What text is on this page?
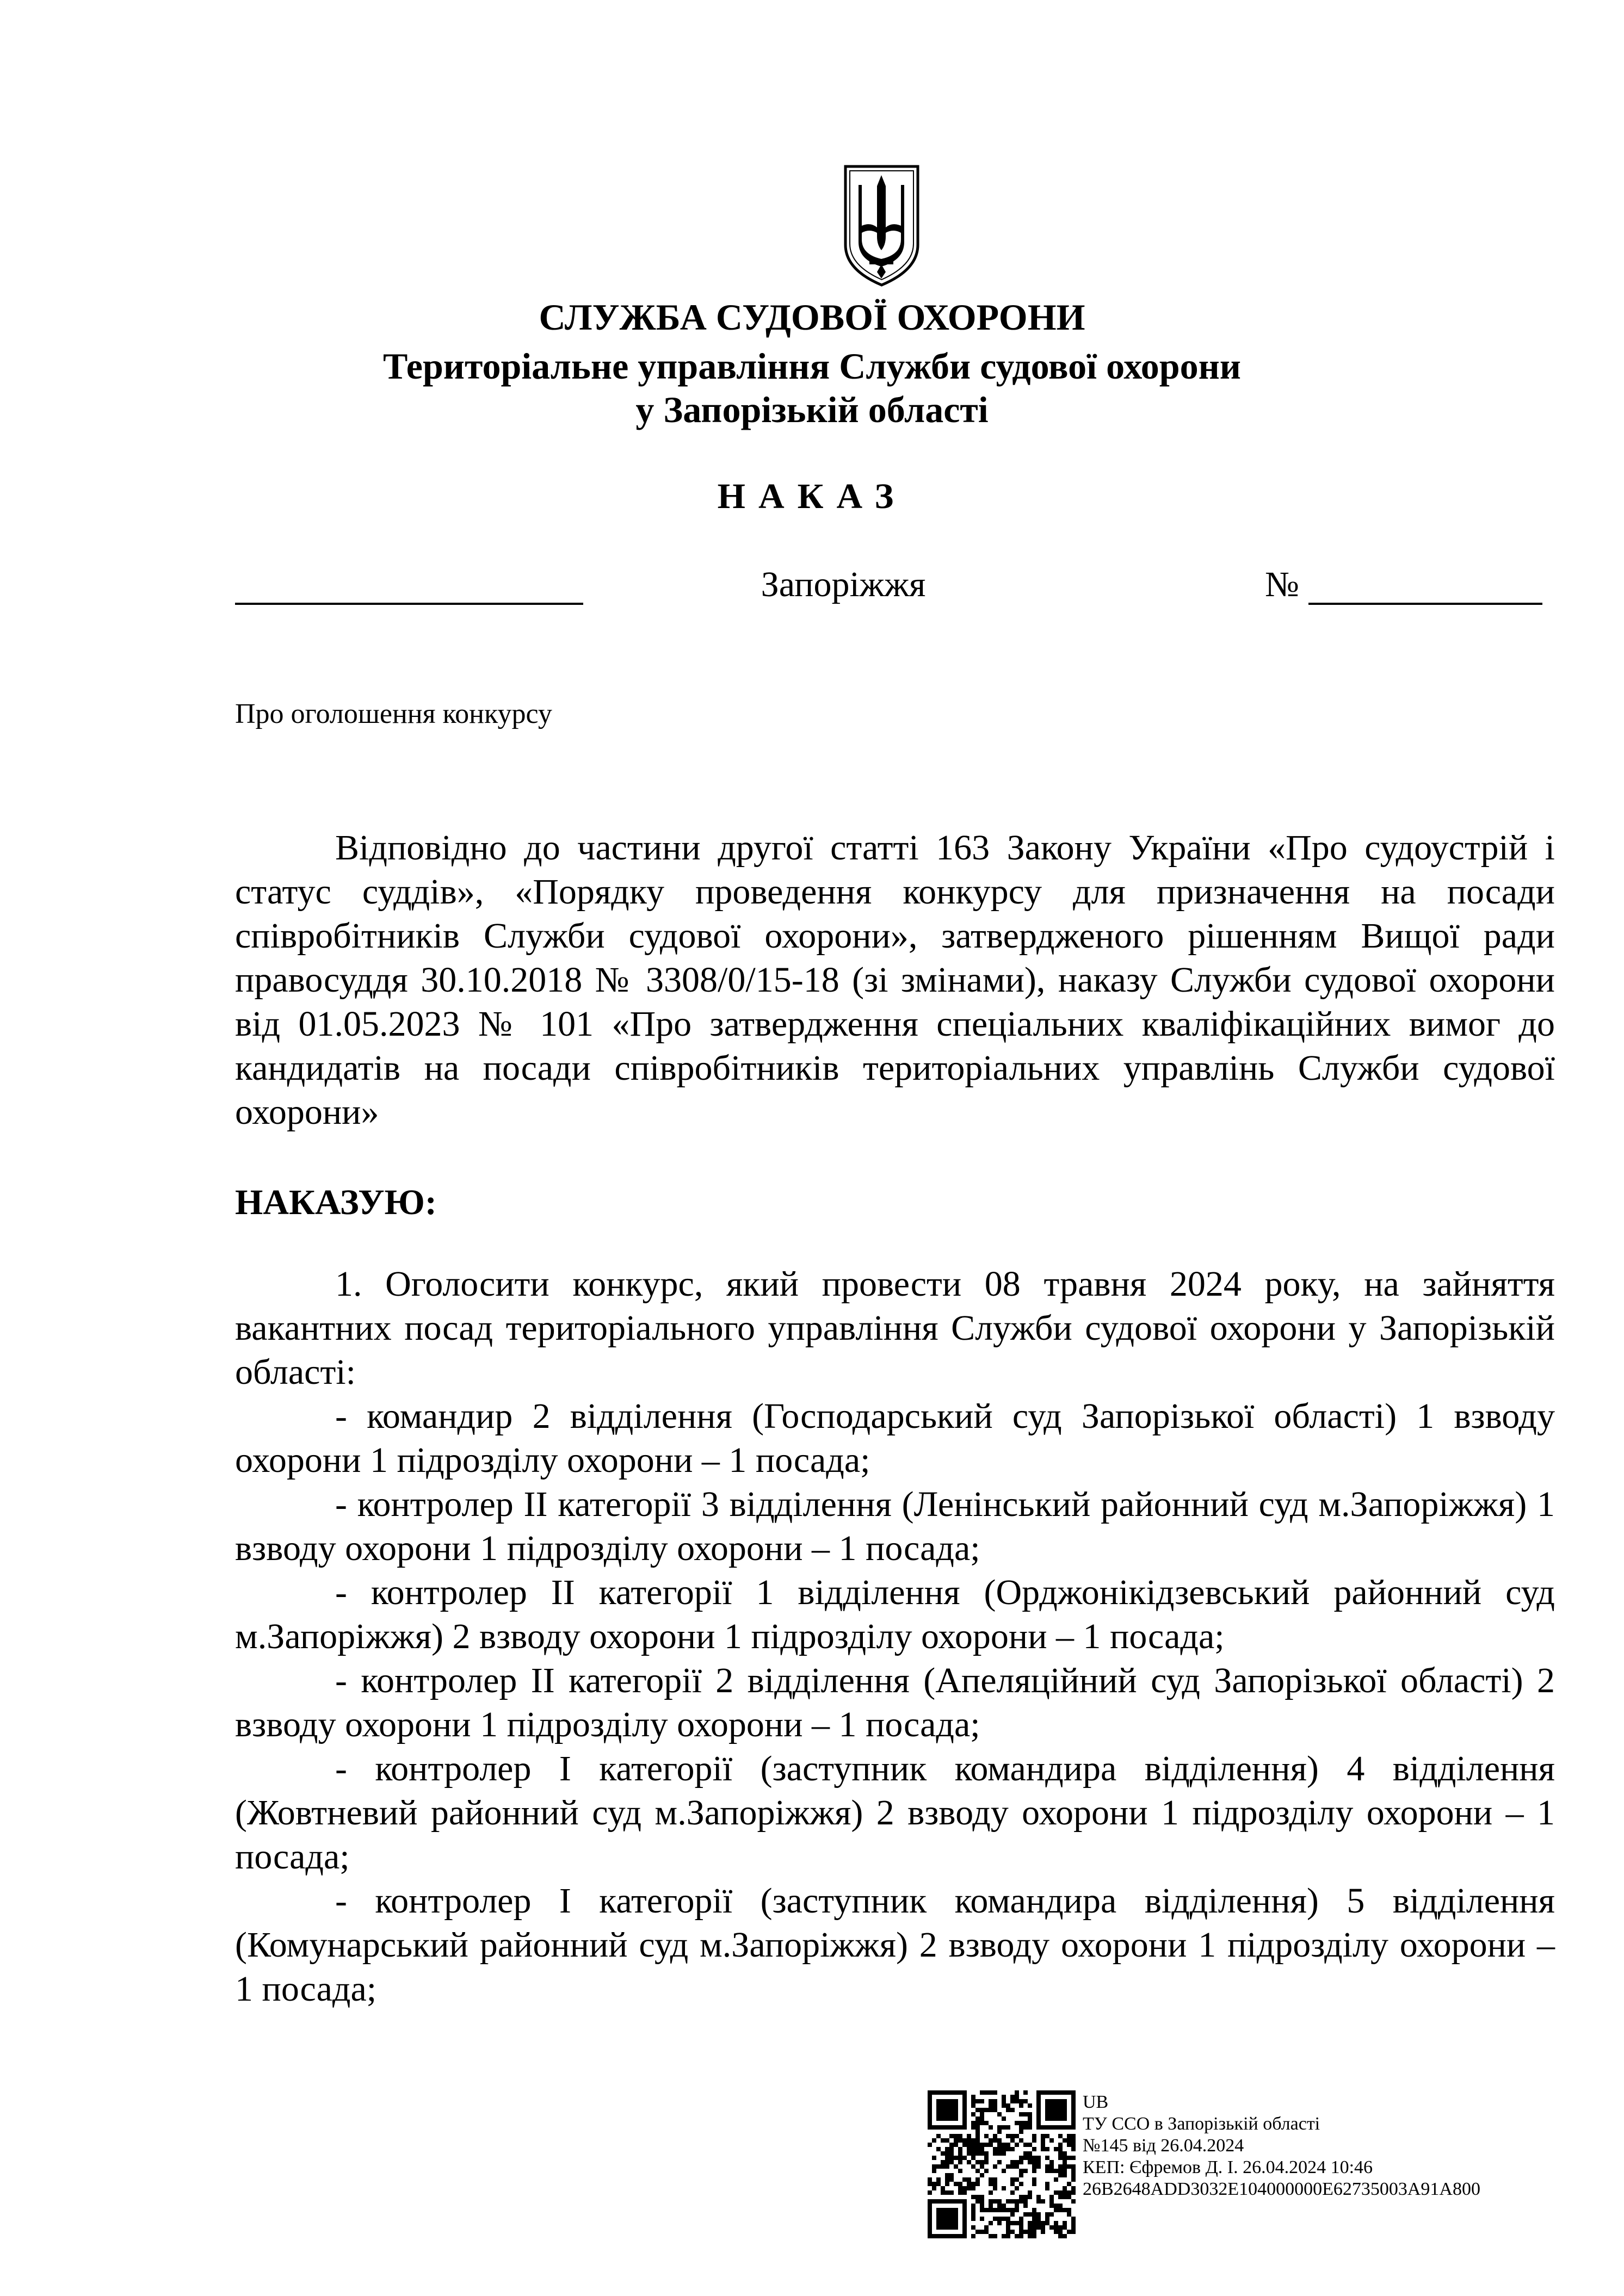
СЛУЖБА СУДОВОЇ ОХОРОНИ
Територіальне управління Служби судової охорони
у Запорізькій області
НАКАЗ
Запоріжжя	№
Про оголошення конкурсу
Відповідно до частини другої статті 163 Закону України «Про судоустрій і статус суддів», «Порядку проведення конкурсу для призначення на посади співробітників Служби судової охорони», затвердженого рішенням Вищої ради правосуддя 30.10.2018 № 3308/0/15-18 (зі змінами), наказу Служби судової охорони від 01.05.2023 № 101 «Про затвердження спеціальних кваліфікаційних вимог до кандидатів на посади співробітників територіальних управлінь Служби судової охорони»
НАКАЗУЮ:

1. Оголосити конкурс, який провести 08 травня 2024 року, на зайняття вакантних посад територіального управління Служби судової охорони у Запорізькій області:

- командир 2 відділення (Господарський суд Запорізької області) 1 взводу охорони 1 підрозділу охорони – 1 посада;

- контролер ІІ категорії 3 відділення (Ленінський районний суд м.Запоріжжя) 1 взводу охорони 1 підрозділу охорони – 1 посада;

- контролер ІІ категорії 1 відділення (Орджонікідзевський районний суд м.Запоріжжя) 2 взводу охорони 1 підрозділу охорони – 1 посада;

- контролер ІІ категорії 2 відділення (Апеляційний суд Запорізької області) 2 взводу охорони 1 підрозділу охорони – 1 посада;

- контролер І категорії (заступник командира відділення) 4 відділення (Жовтневий районний суд м.Запоріжжя) 2 взводу охорони 1 підрозділу охорони – 1 посада;

- контролер І категорії (заступник командира відділення) 5 відділення (Комунарський районний суд м.Запоріжжя) 2 взводу охорони 1 підрозділу охорони – 1 посада;

UB
ТУ ССО в Запорізькій області
№145 від 26.04.2024
КЕП: Єфремов Д. І. 26.04.2024 10:46
26B2648ADD3032E104000000E62735003A91A800
